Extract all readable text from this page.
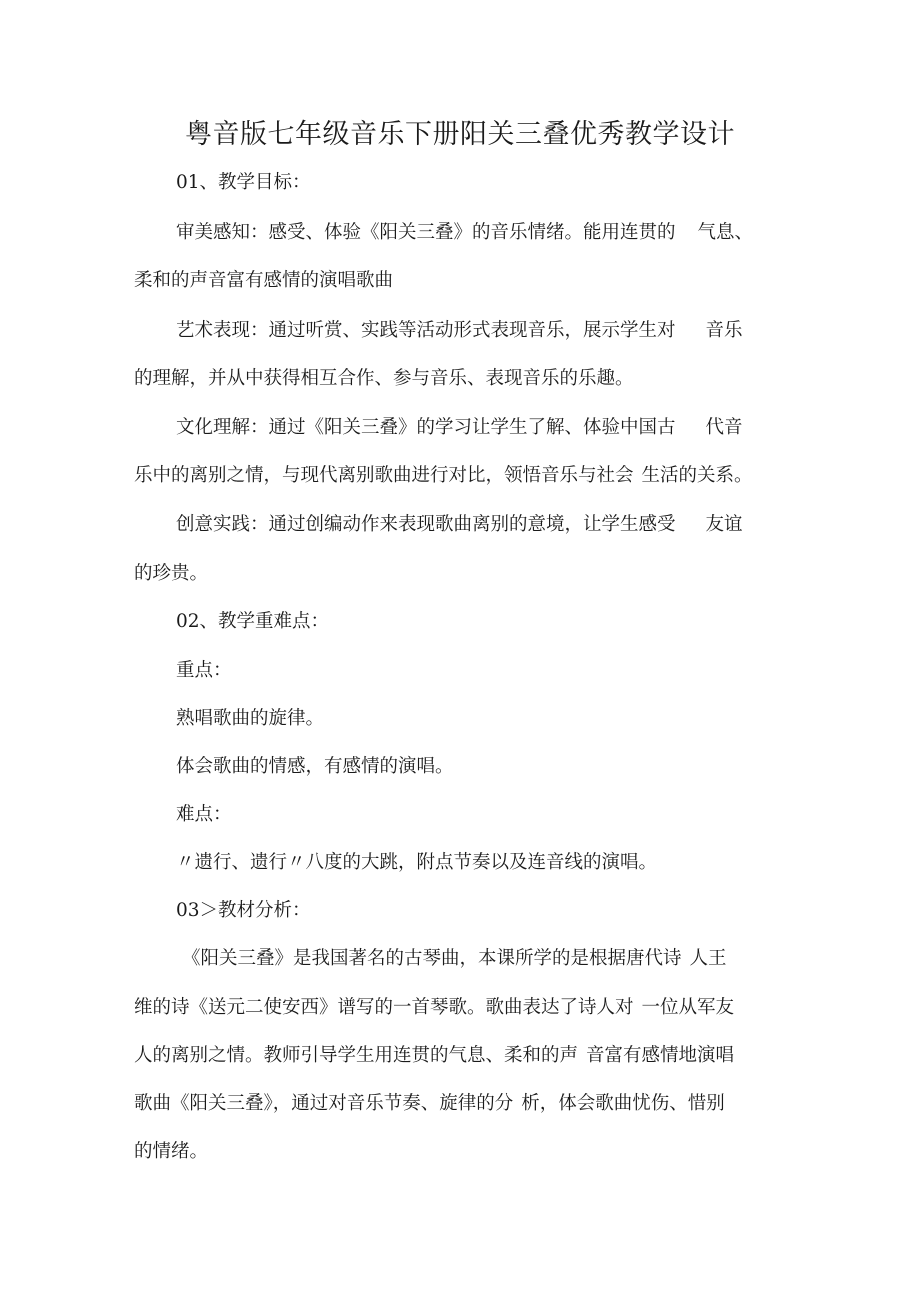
粤音版七年级音乐下册阳关三叠优秀教学设计
01、教学目标：
审美感知：感受、体验《阳关三叠》的音乐情绪。能用连贯的 气息、
柔和的声音富有感情的演唱歌曲
艺术表现：通过听赏、实践等活动形式表现音乐，展示学生对 音乐
的理解，并从中获得相互合作、参与音乐、表现音乐的乐趣。
文化理解：通过《阳关三叠》的学习让学生了解、体验中国古 代音
乐中的离别之情，与现代离别歌曲进行对比，领悟音乐与社会 生活的关系。
创意实践：通过创编动作来表现歌曲离别的意境，让学生感受 友谊
的珍贵。
02、教学重难点：
重点：
熟唱歌曲的旋律。
体会歌曲的情感，有感情的演唱。
难点：
〃遗行、遗行〃八度的大跳，附点节奏以及连音线的演唱。
03＞教材分析：
《阳关三叠》是我国著名的古琴曲，本课所学的是根据唐代诗 人王
维的诗《送元二使安西》谱写的一首琴歌。歌曲表达了诗人对 一位从军友
人的离别之情。教师引导学生用连贯的气息、柔和的声 音富有感情地演唱
歌曲《阳关三叠》，通过对音乐节奏、旋律的分 析，体会歌曲忧伤、惜别
的情绪。
